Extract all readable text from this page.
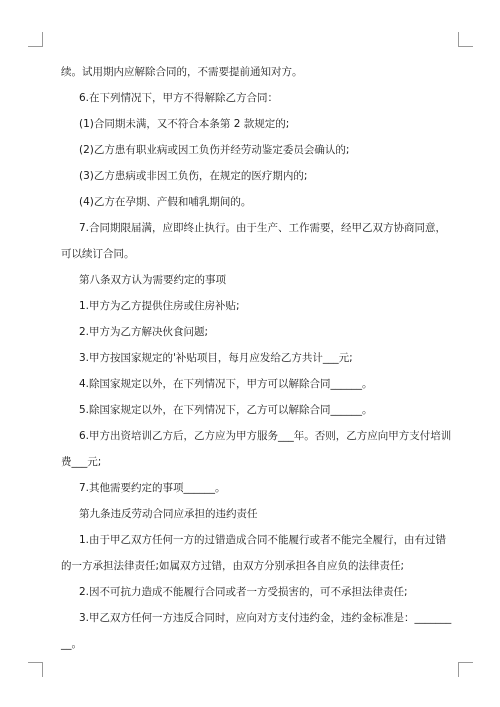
续。试用期内应解除合同的，不需要提前通知对方。

6.在下列情况下，甲方不得解除乙方合同：

(1)合同期未满，又不符合本条第 2 款规定的;

(2)乙方患有职业病或因工负伤并经劳动鉴定委员会确认的;

(3)乙方患病或非因工负伤，在规定的医疗期内的;

(4)乙方在孕期、产假和哺乳期间的。

7.合同期限届满，应即终止执行。由于生产、工作需要，经甲乙双方协商同意，

可以续订合同。

第八条双方认为需要约定的事项

1.甲方为乙方提供住房或住房补贴;

2.甲方为乙方解决伙食问题;

3.甲方按国家规定的'补贴项目，每月应发给乙方共计___元;

4.除国家规定以外，在下列情况下，甲方可以解除合同______。

5.除国家规定以外，在下列情况下，乙方可以解除合同______。

6.甲方出资培训乙方后，乙方应为甲方服务___年。否则，乙方应向甲方支付培训

费___元;

7.其他需要约定的事项______。

第九条违反劳动合同应承担的违约责任

1.由于甲乙双方任何一方的过错造成合同不能履行或者不能完全履行，由有过错

的一方承担法律责任;如属双方过错，由双方分别承担各自应负的法律责任;

2.因不可抗力造成不能履行合同或者一方受损害的，可不承担法律责任;

3.甲乙双方任何一方违反合同时，应向对方支付违约金，违约金标准是：_______

__。
